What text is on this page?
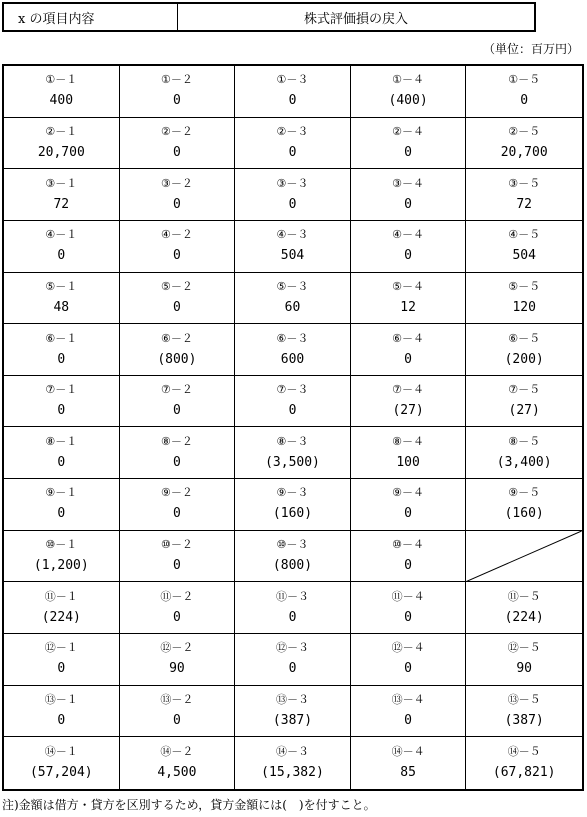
x の項目内容	株式評価損の戻入
（単位：百万円）
①－１
400
①－２
0
①－３
0
①－４
(400)
①－５
0
②－１
20,700
②－２
0
②－３
0
②－４
0
②－５
20,700
③－１
72
③－２
0
③－３
0
③－４
0
③－５
72
④－１
0
④－２
0
④－３
504
④－４
0
④－５
504
⑤－１
48
⑤－２
0
⑤－３
60
⑤－４
12
⑤－５
120
⑥－１
0
⑥－２
(800)
⑥－３
600
⑥－４
0
⑥－５
(200)
⑦－１
0
⑦－２
0
⑦－３
0
⑦－４
(27)
⑦－５
(27)
⑧－１
0
⑧－２
0
⑧－３
(3,500)
⑧－４
100
⑧－５
(3,400)
⑨－１
0
⑨－２
0
⑨－３
(160)
⑨－４
0
⑨－５
(160)
⑩－１
(1,200)
⑩－２
0
⑩－３
(800)
⑩－４
0
⑪－１
(224)
⑪－２
0
⑪－３
0
⑪－４
0
⑪－５
(224)
⑫－１
0
⑫－２
90
⑫－３
0
⑫－４
0
⑫－５
90
⑬－１
0
⑬－２
0
⑬－３
(387)
⑬－４
0
⑬－５
(387)
⑭－１
(57,204)
⑭－２
4,500
⑭－３
(15,382)
⑭－４
85
⑭－５
(67,821)
注)金額は借方・貸方を区別するため，貸方金額には(　)を付すこと。
